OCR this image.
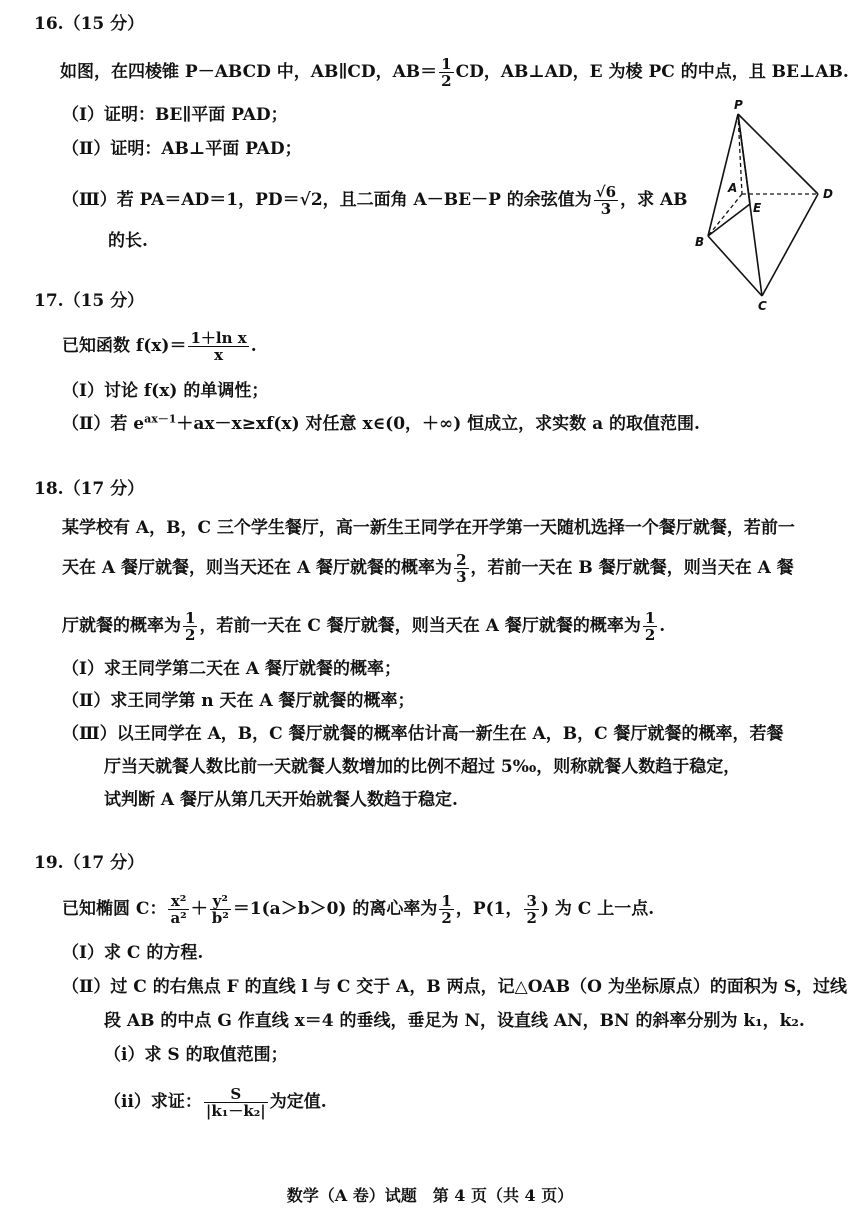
16.（15 分）
如图，在四棱锥 P－ABCD 中，AB∥CD，$AB= \frac{1}{2}$ CD，AB⊥AD，E 为棱 PC 的中点，且 BE⊥AB.
（Ⅰ）证明：BE∥平面 PAD；
（Ⅱ）证明：AB⊥平面 PAD；
（Ⅲ）若 PA＝AD＝1，PD＝√2，且二面角 A－BE－P 的余弦值为 $\frac{√6}{3}$ ，求 AB
的长.
P
A
E
D
B
C
17.（15 分）
已知函数 $f(x)= \frac{\text{1＋ln x}}{x}$ .
（Ⅰ）讨论 f(x) 的单调性；
（Ⅱ）若 $e^{ax-1}+ax-x\ge xf(x)$ 对任意 x∈(0，＋∞) 恒成立，求实数 a 的取值范围.
18.（17 分）
某学校有 A，B，C 三个学生餐厅，高一新生王同学在开学第一天随机选择一个餐厅就餐，若前一
天在 A 餐厅就餐，则当天还在 A 餐厅就餐的概率为 $\frac{2}{3}$ ，若前一天在 B 餐厅就餐，则当天在 A 餐
厅就餐的概率为 $\frac{1}{2}$ ，若前一天在 C 餐厅就餐，则当天在 A 餐厅就餐的概率为 $\frac{1}{2}$ .
（Ⅰ）求王同学第二天在 A 餐厅就餐的概率；
（Ⅱ）求王同学第 n 天在 A 餐厅就餐的概率；
（Ⅲ）以王同学在 A，B，C 餐厅就餐的概率估计高一新生在 A，B，C 餐厅就餐的概率，若餐
厅当天就餐人数比前一天就餐人数增加的比例不超过 5‰，则称就餐人数趋于稳定，
试判断 A 餐厅从第几天开始就餐人数趋于稳定.
19.（17 分）
已知椭圆 C： $\frac{\text{x²}}{\text{a²}} + \frac{\text{y²}}{\text{b²}} =1(a>b>0)$ 的离心率为 $\frac{1}{2}$ ，P(1， $\frac{3}{2}$ ) 为 C 上一点.
（Ⅰ）求 C 的方程.
（Ⅱ）过 C 的右焦点 F 的直线 l 与 C 交于 A，B 两点，记△OAB（O 为坐标原点）的面积为 S，过线
段 AB 的中点 G 作直线 x＝4 的垂线，垂足为 N，设直线 AN，BN 的斜率分别为 k₁，k₂.
（ⅰ）求 S 的取值范围；
（ⅱ）求证： $\frac{S}{\text{|k₁－k₂|}}$ 为定值.
数学（A 卷）试题　第 4 页（共 4 页）
